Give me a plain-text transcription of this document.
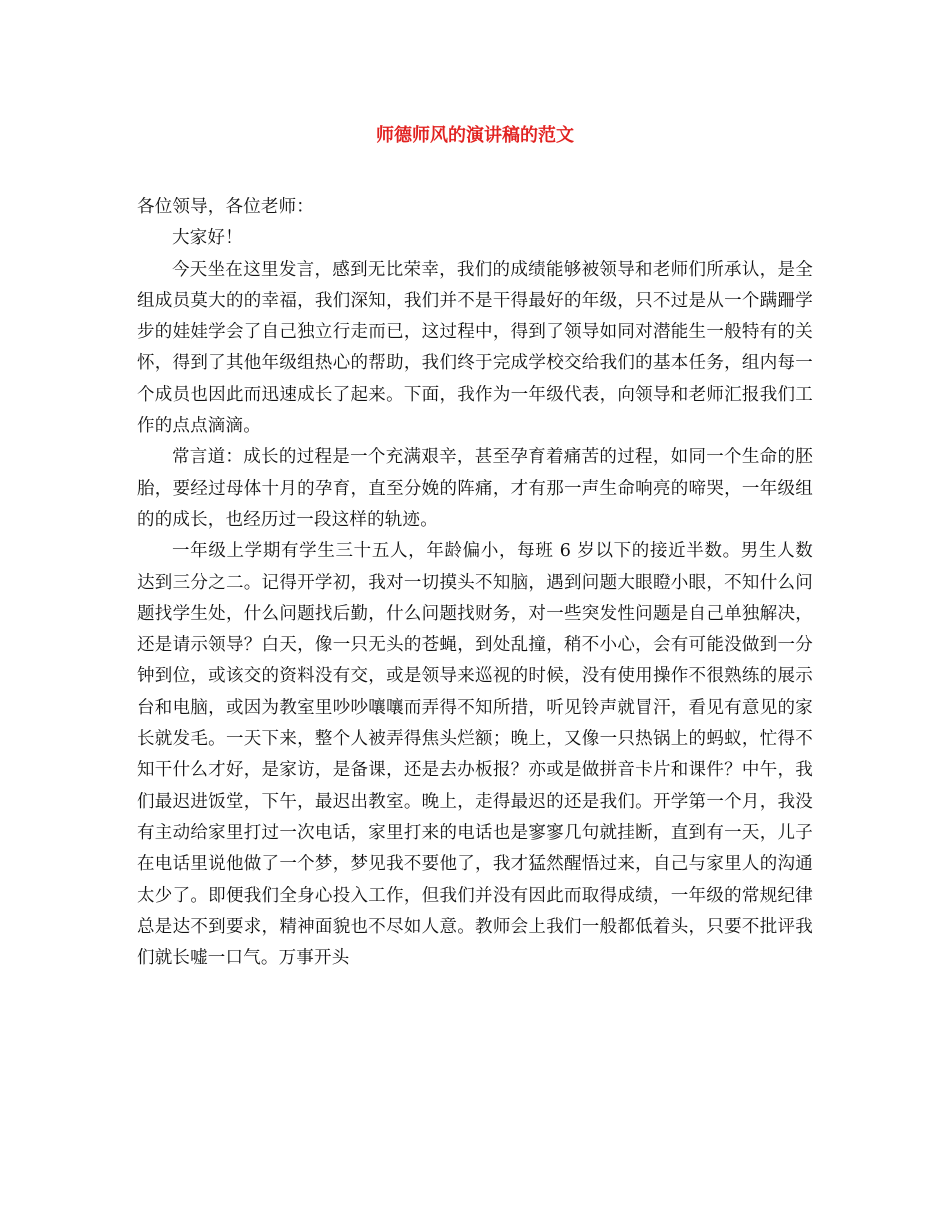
师德师风的演讲稿的范文

各位领导，各位老师：

大家好！

今天坐在这里发言，感到无比荣幸，我们的成绩能够被领导和老师们所承认，是全组成员莫大的的幸福，我们深知，我们并不是干得最好的年级，只不过是从一个蹒跚学步的娃娃学会了自己独立行走而已，这过程中，得到了领导如同对潜能生一般特有的关怀，得到了其他年级组热心的帮助，我们终于完成学校交给我们的基本任务，组内每一个成员也因此而迅速成长了起来。下面，我作为一年级代表，向领导和老师汇报我们工作的点点滴滴。

常言道：成长的过程是一个充满艰辛，甚至孕育着痛苦的过程，如同一个生命的胚胎，要经过母体十月的孕育，直至分娩的阵痛，才有那一声生命响亮的啼哭，一年级组的的成长，也经历过一段这样的轨迹。

一年级上学期有学生三十五人，年龄偏小，每班 6 岁以下的接近半数。男生人数达到三分之二。记得开学初，我对一切摸头不知脑，遇到问题大眼瞪小眼，不知什么问题找学生处，什么问题找后勤，什么问题找财务，对一些突发性问题是自己单独解决，还是请示领导？白天，像一只无头的苍蝇，到处乱撞，稍不小心，会有可能没做到一分钟到位，或该交的资料没有交，或是领导来巡视的时候，没有使用操作不很熟练的展示台和电脑，或因为教室里吵吵嚷嚷而弄得不知所措，听见铃声就冒汗，看见有意见的家长就发毛。一天下来，整个人被弄得焦头烂额；晚上，又像一只热锅上的蚂蚁，忙得不知干什么才好，是家访，是备课，还是去办板报？亦或是做拼音卡片和课件？中午，我们最迟进饭堂，下午，最迟出教室。晚上，走得最迟的还是我们。开学第一个月，我没有主动给家里打过一次电话，家里打来的电话也是寥寥几句就挂断，直到有一天，儿子在电话里说他做了一个梦，梦见我不要他了，我才猛然醒悟过来，自己与家里人的沟通太少了。即便我们全身心投入工作，但我们并没有因此而取得成绩，一年级的常规纪律总是达不到要求，精神面貌也不尽如人意。教师会上我们一般都低着头，只要不批评我们就长嘘一口气。万事开头
